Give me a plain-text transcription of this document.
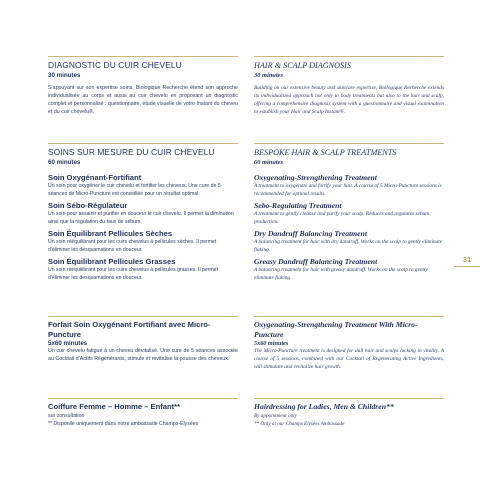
DIAGNOSTIC DU CUIR CHEVELU
30 minutes
S’appuyant sur son expertise soins, Biologique Recherche étend son approche individualisée au corps et aussi au cuir chevelu en proposant un diagnostic complet et personnalisé : questionnaire, étude visuelle de votre Instant du cheveu et du cuir chevelu®.
SOINS SUR MESURE DU CUIR CHEVELU
60 minutes
Soin Oxygénant-Fortifiant
Un soin pour oxygéner le cuir chevelu et fortifier les cheveux. Une cure de 5 séances de Micro-Puncture est conseillée pour un résultat optimal.
Soin Sébo-Régulateur
Un soin pour assainir et purifier en douceur le cuir chevelu. Il permet la diminution ainsi que la régulation du taux de sébum.
Soin Équilibrant Pellicules Sèches
Un soin rééquilibrant pour les cuirs chevelus à pellicules sèches. Il permet d’éliminer les desquamations en douceur.
Soin Équilibrant Pellicules Grasses
Un soin rééquilibrant pour les cuirs chevelus à pellicules grasses. Il permet d’éliminer les desquamations en douceur.
Forfait Soin Oxygénant Fortifiant avec Micro-Puncture
5x60 minutes
Un cuir chevelu fatigué à un cheveu dévitalisé. Une cure de 5 séances associée au Cocktail d’Actifs Régénérants, stimule et revitalise la pousse des cheveux.
Coiffure Femme – Homme – Enfant**
sur consultation
** Disponile uniquement dans notre ambassade Champs-Elysées
HAIR & SCALP DIAGNOSIS
30 minutes
Building on our extensive beauty and skincare expertise, Biologique Recherche extends its individualized approach not only to body treatments but also to the hair and scalp, offering a comprehensive diagnosis system with a questionnaire and visual examination to establish your Hair and Scalp Instant®.
BESPOKE HAIR & SCALP TREATMENTS
60 minutes
Oxygenating-Strengthening Treatment
A treatment to oxygenate and fortify your hair. A course of 5 Micro-Puncture sessions is recommended for optimal results.
Sebo-Regulating Treatment
A treatment to gently cleanse and purify your scalp. Reduces and regulates sebum production.
Dry Dandruff Balancing Treatment
A balancing treatment for hair with dry dandruff. Works on the scalp to gently eliminate flaking.
Greasy Dandruff Balancing Treatment
A balancing treatment for hair with greasy dandruff. Works on the scalp to gently eliminate flaking.
Oxygenating-Strengthening Treatment With Micro-Puncture
5x60 minutes
The Micro-Puncture treatment is designed for dull hair and scalps lacking in vitality. A course of 5 sessions, combined with our Cocktail of Regenerating Active Ingredients, will stimulate and revitalize hair growth.
Hairdressing for Ladies, Men & Children**
By appointment only
** Only at our Champs Elysées Ambassade
31
